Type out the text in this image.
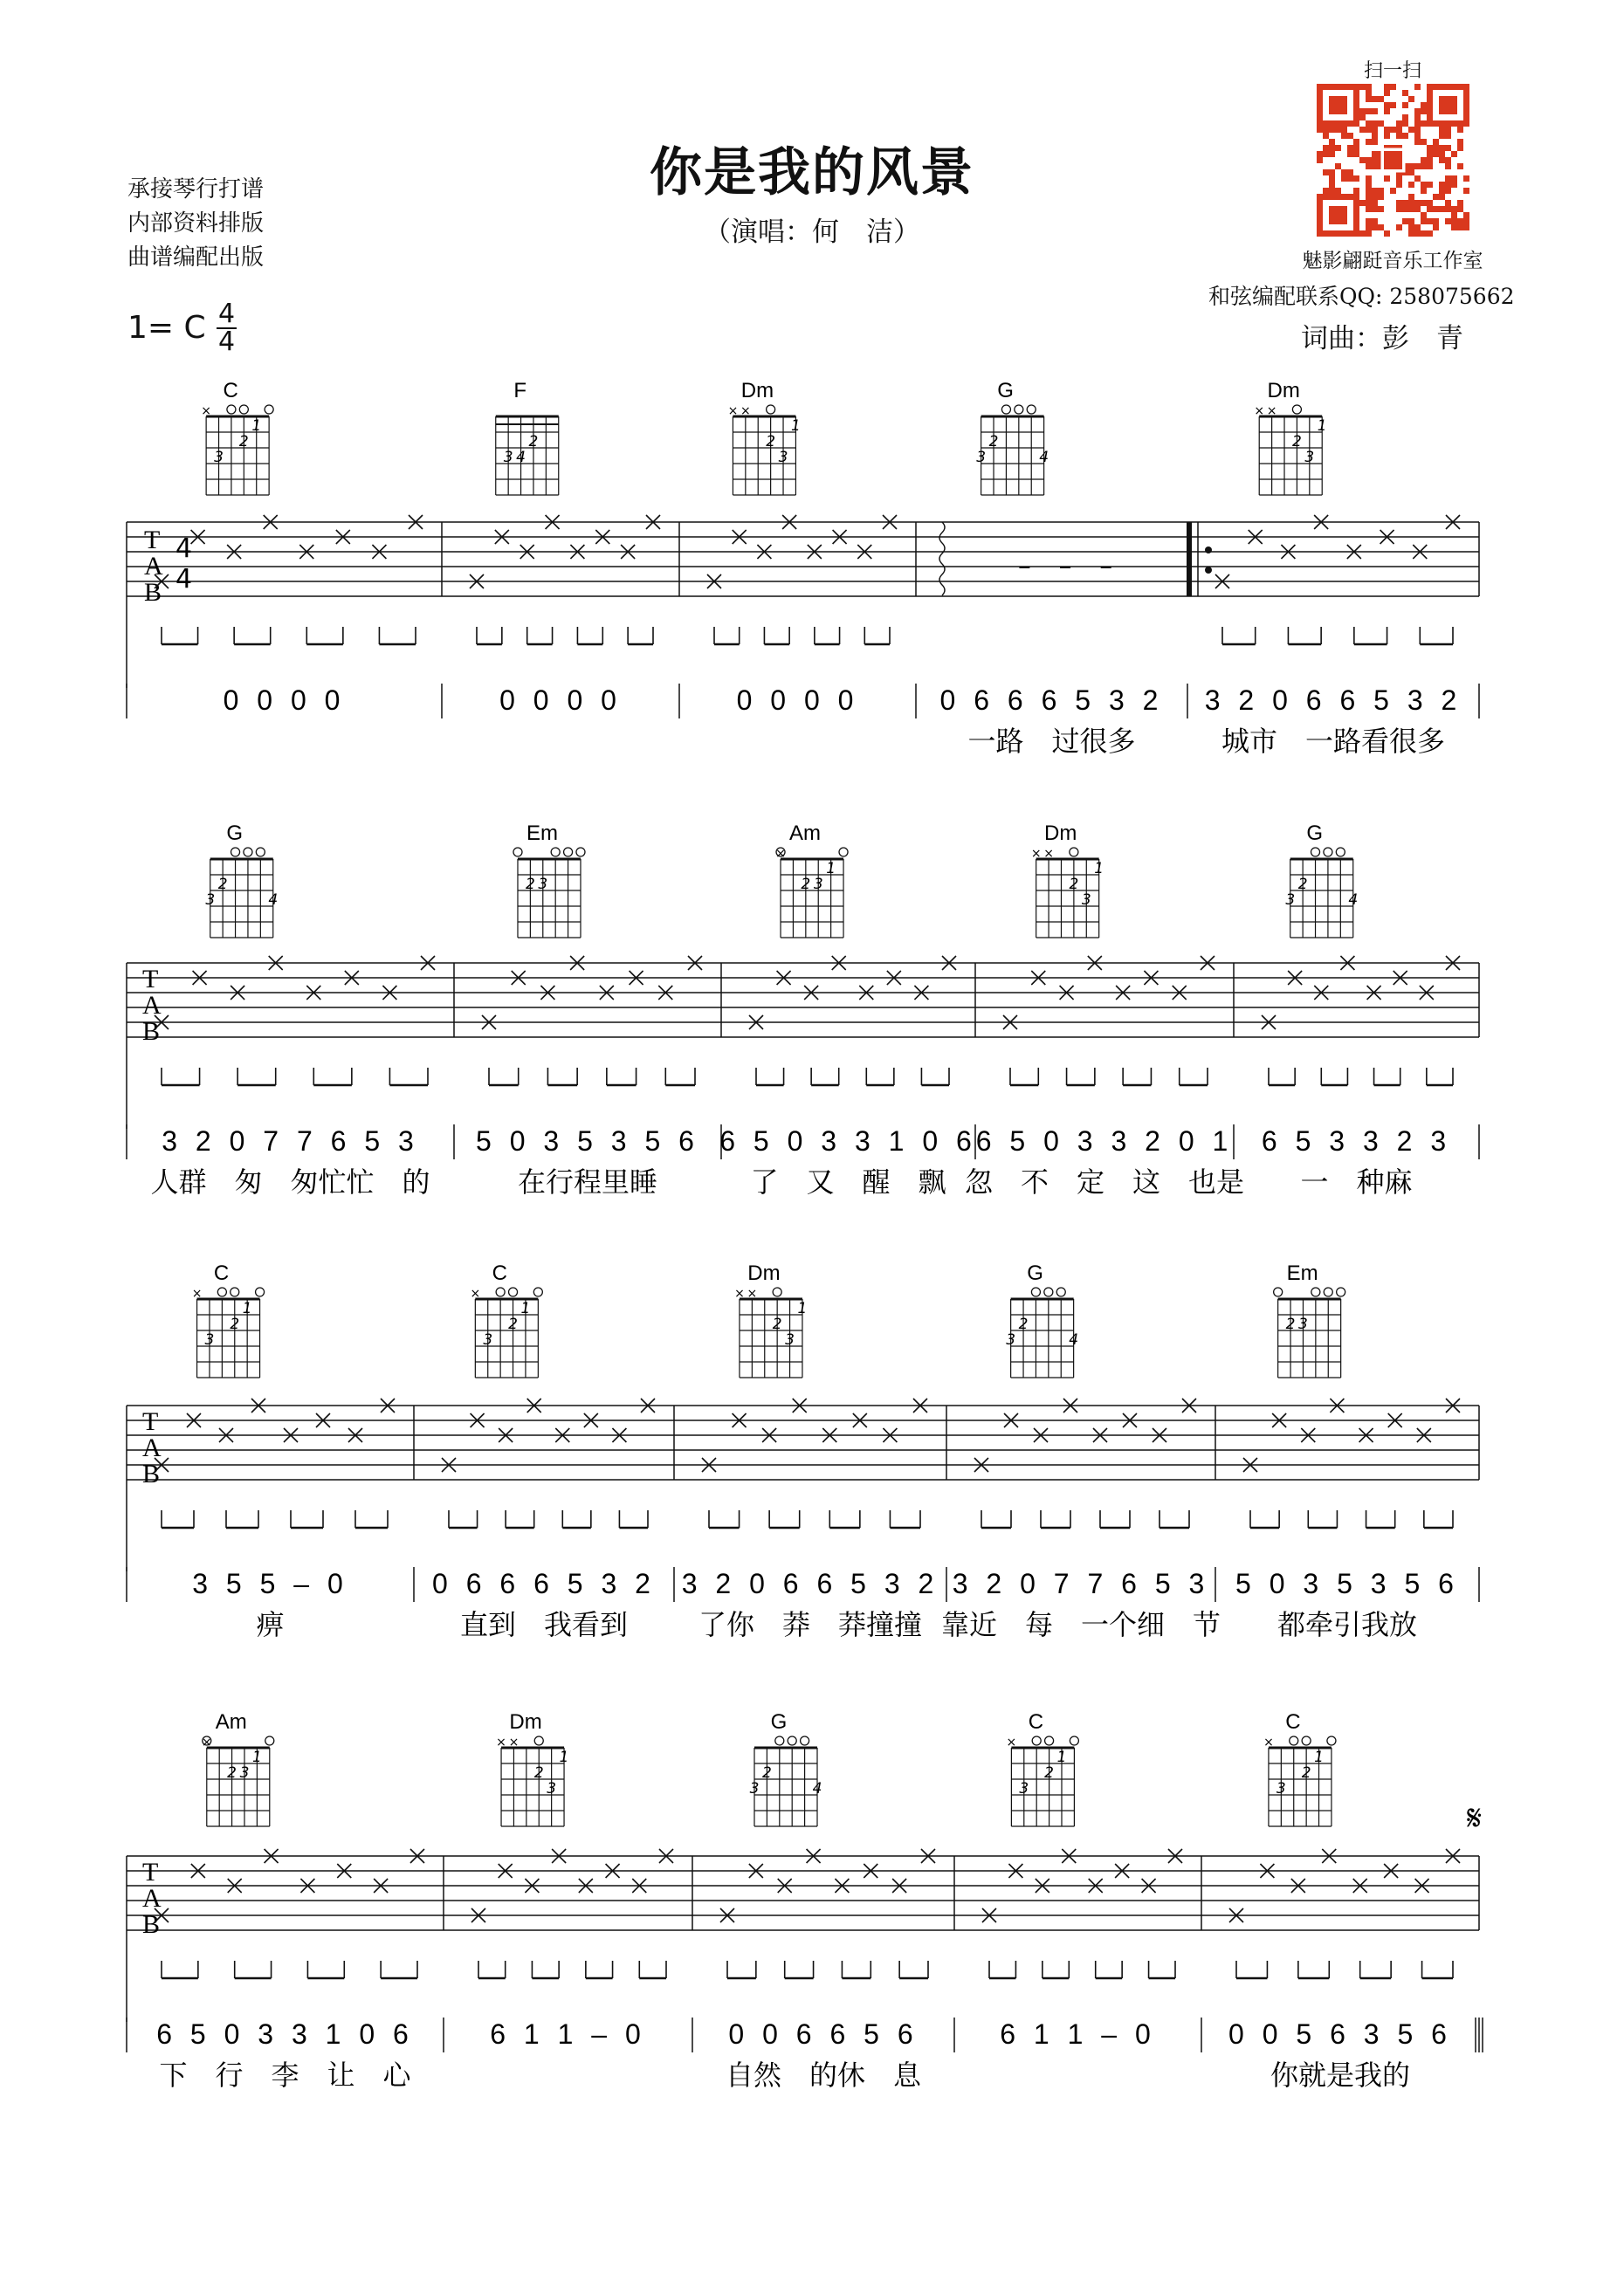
你是我的风景
（演唱：何　洁）
承接琴行打谱
内部资料排版
曲谱编配出版
1= C 4
4
扫一扫
魅影翩跹音乐工作室
和弦编配联系QQ: 258075662
词曲：彭　青
T
A
B
4
4
C
×
1
2
3
0 0 0 0
F
2
3 4
0 0 0 0
Dm
× ×
1
2
3
0 0 0 0
G
2
3	4
0 6 6 6 5 3 2
一路　过很多
Dm
× ×
1
2
3
3 2 0 6 6 5 3 2
城市　一路看很多
T
A
B
G
2
3	4
3 2 0 7 7 6 5 3
人群　匆　匆忙忙　的
Em
2 3
5 0 3 5 3 5 6
在行程里睡
Am
×
1
2 3
6 5 0 3 3 1 0 6
了　又　醒　飘
Dm
× ×
1
2
3
6 5 0 3 3 2 0 1
忽　不　定　这　也是
G
2
3	4
6 5 3 3 2 3
一　种麻
T
A
B
C
×
1
2
3
3 5 5 – 0
痹
C
×
1
2
3
0 6 6 6 5 3 2
直到　我看到
Dm
× ×
1
2
3
3 2 0 6 6 5 3 2
了你　莽　莽撞撞
G
2
3	4
3 2 0 7 7 6 5 3
靠近　每　一个细　节
Em
2 3
5 0 3 5 3 5 6
都牵引我放
T
A
B
Am
×
1
2 3
6 5 0 3 3 1 0 6
下　行　李　让　心
Dm
× ×
1
2
3
6 1 1 – 0
G
2
3	4
0 0 6 6 5 6
自然　的休　息
C
×
1
2
3
6 1 1 – 0
C
×
1
2
3
0 0 5 6 3 5 6
你就是我的
𝄋
